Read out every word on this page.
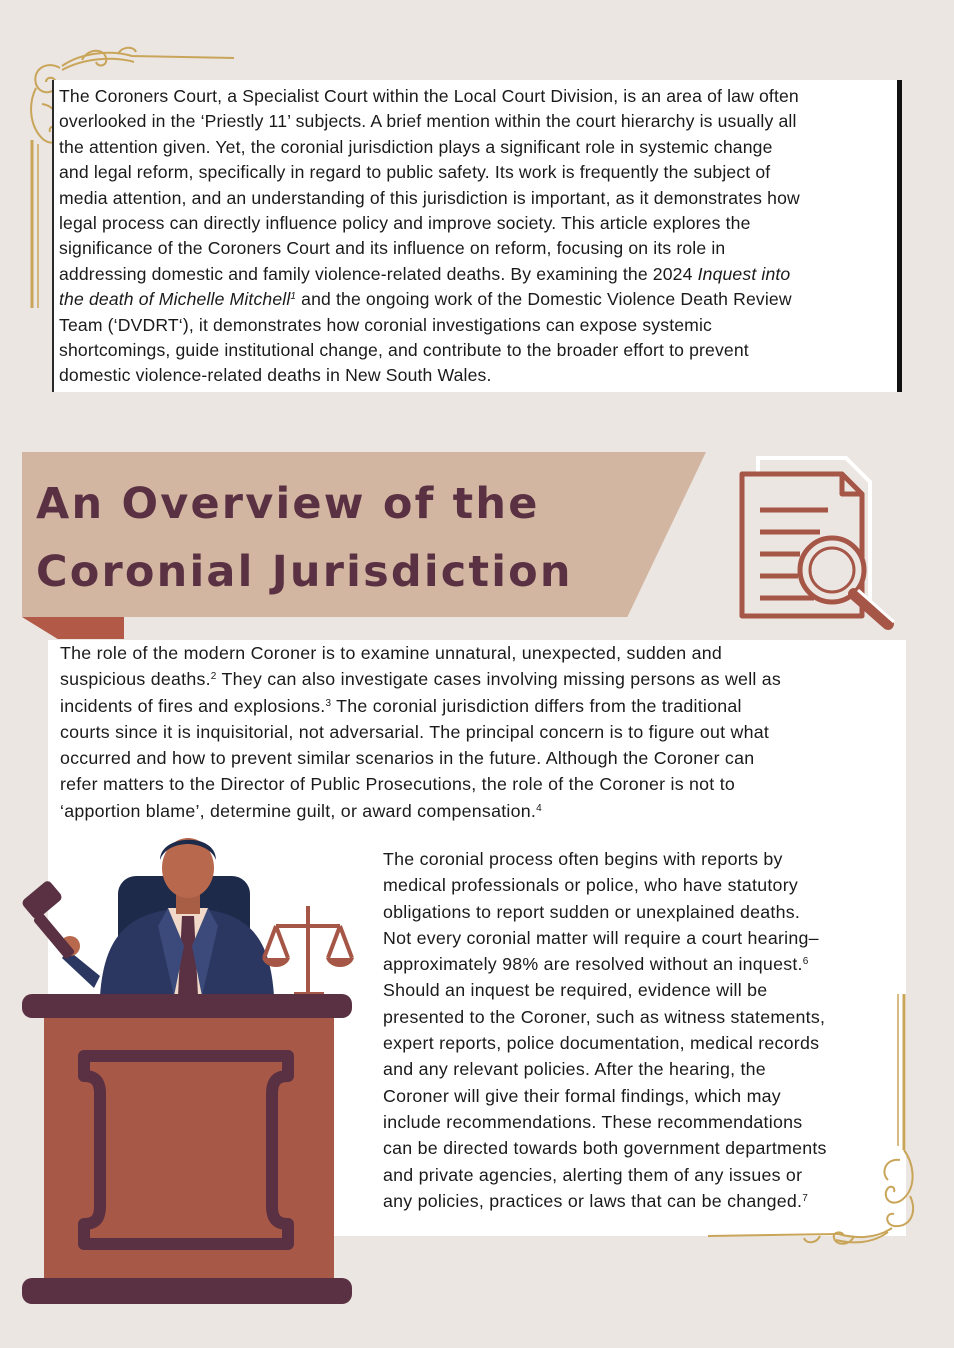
The Coroners Court, a Specialist Court within the Local Court Division, is an area of law often
overlooked in the ‘Priestly 11’ subjects. A brief mention within the court hierarchy is usually all
the attention given. Yet, the coronial jurisdiction plays a significant role in systemic change
and legal reform, specifically in regard to public safety. Its work is frequently the subject of
media attention, and an understanding of this jurisdiction is important, as it demonstrates how
legal process can directly influence policy and improve society. This article explores the
significance of the Coroners Court and its influence on reform, focusing on its role in
addressing domestic and family violence-related deaths. By examining the 2024 Inquest into
the death of Michelle Mitchell$^1$ and the ongoing work of the Domestic Violence Death Review
Team (‘DVDRT‘), it demonstrates how coronial investigations can expose systemic
shortcomings, guide institutional change, and contribute to the broader effort to prevent
domestic violence-related deaths in New South Wales.

An Overview of the
Coronial Jurisdiction

The role of the modern Coroner is to examine unnatural, unexpected, sudden and
suspicious deaths.$^2$ They can also investigate cases involving missing persons as well as
incidents of fires and explosions.$^3$ The coronial jurisdiction differs from the traditional
courts since it is inquisitorial, not adversarial. The principal concern is to figure out what
occurred and how to prevent similar scenarios in the future. Although the Coroner can
refer matters to the Director of Public Prosecutions, the role of the Coroner is not to
‘apportion blame’, determine guilt, or award compensation.$^4$

The coronial process often begins with reports by
medical professionals or police, who have statutory
obligations to report sudden or unexplained deaths.
Not every coronial matter will require a court hearing–
approximately 98% are resolved without an inquest.$^6$
Should an inquest be required, evidence will be
presented to the Coroner, such as witness statements,
expert reports, police documentation, medical records
and any relevant policies. After the hearing, the
Coroner will give their formal findings, which may
include recommendations. These recommendations
can be directed towards both government departments
and private agencies, alerting them of any issues or
any policies, practices or laws that can be changed.$^7$
